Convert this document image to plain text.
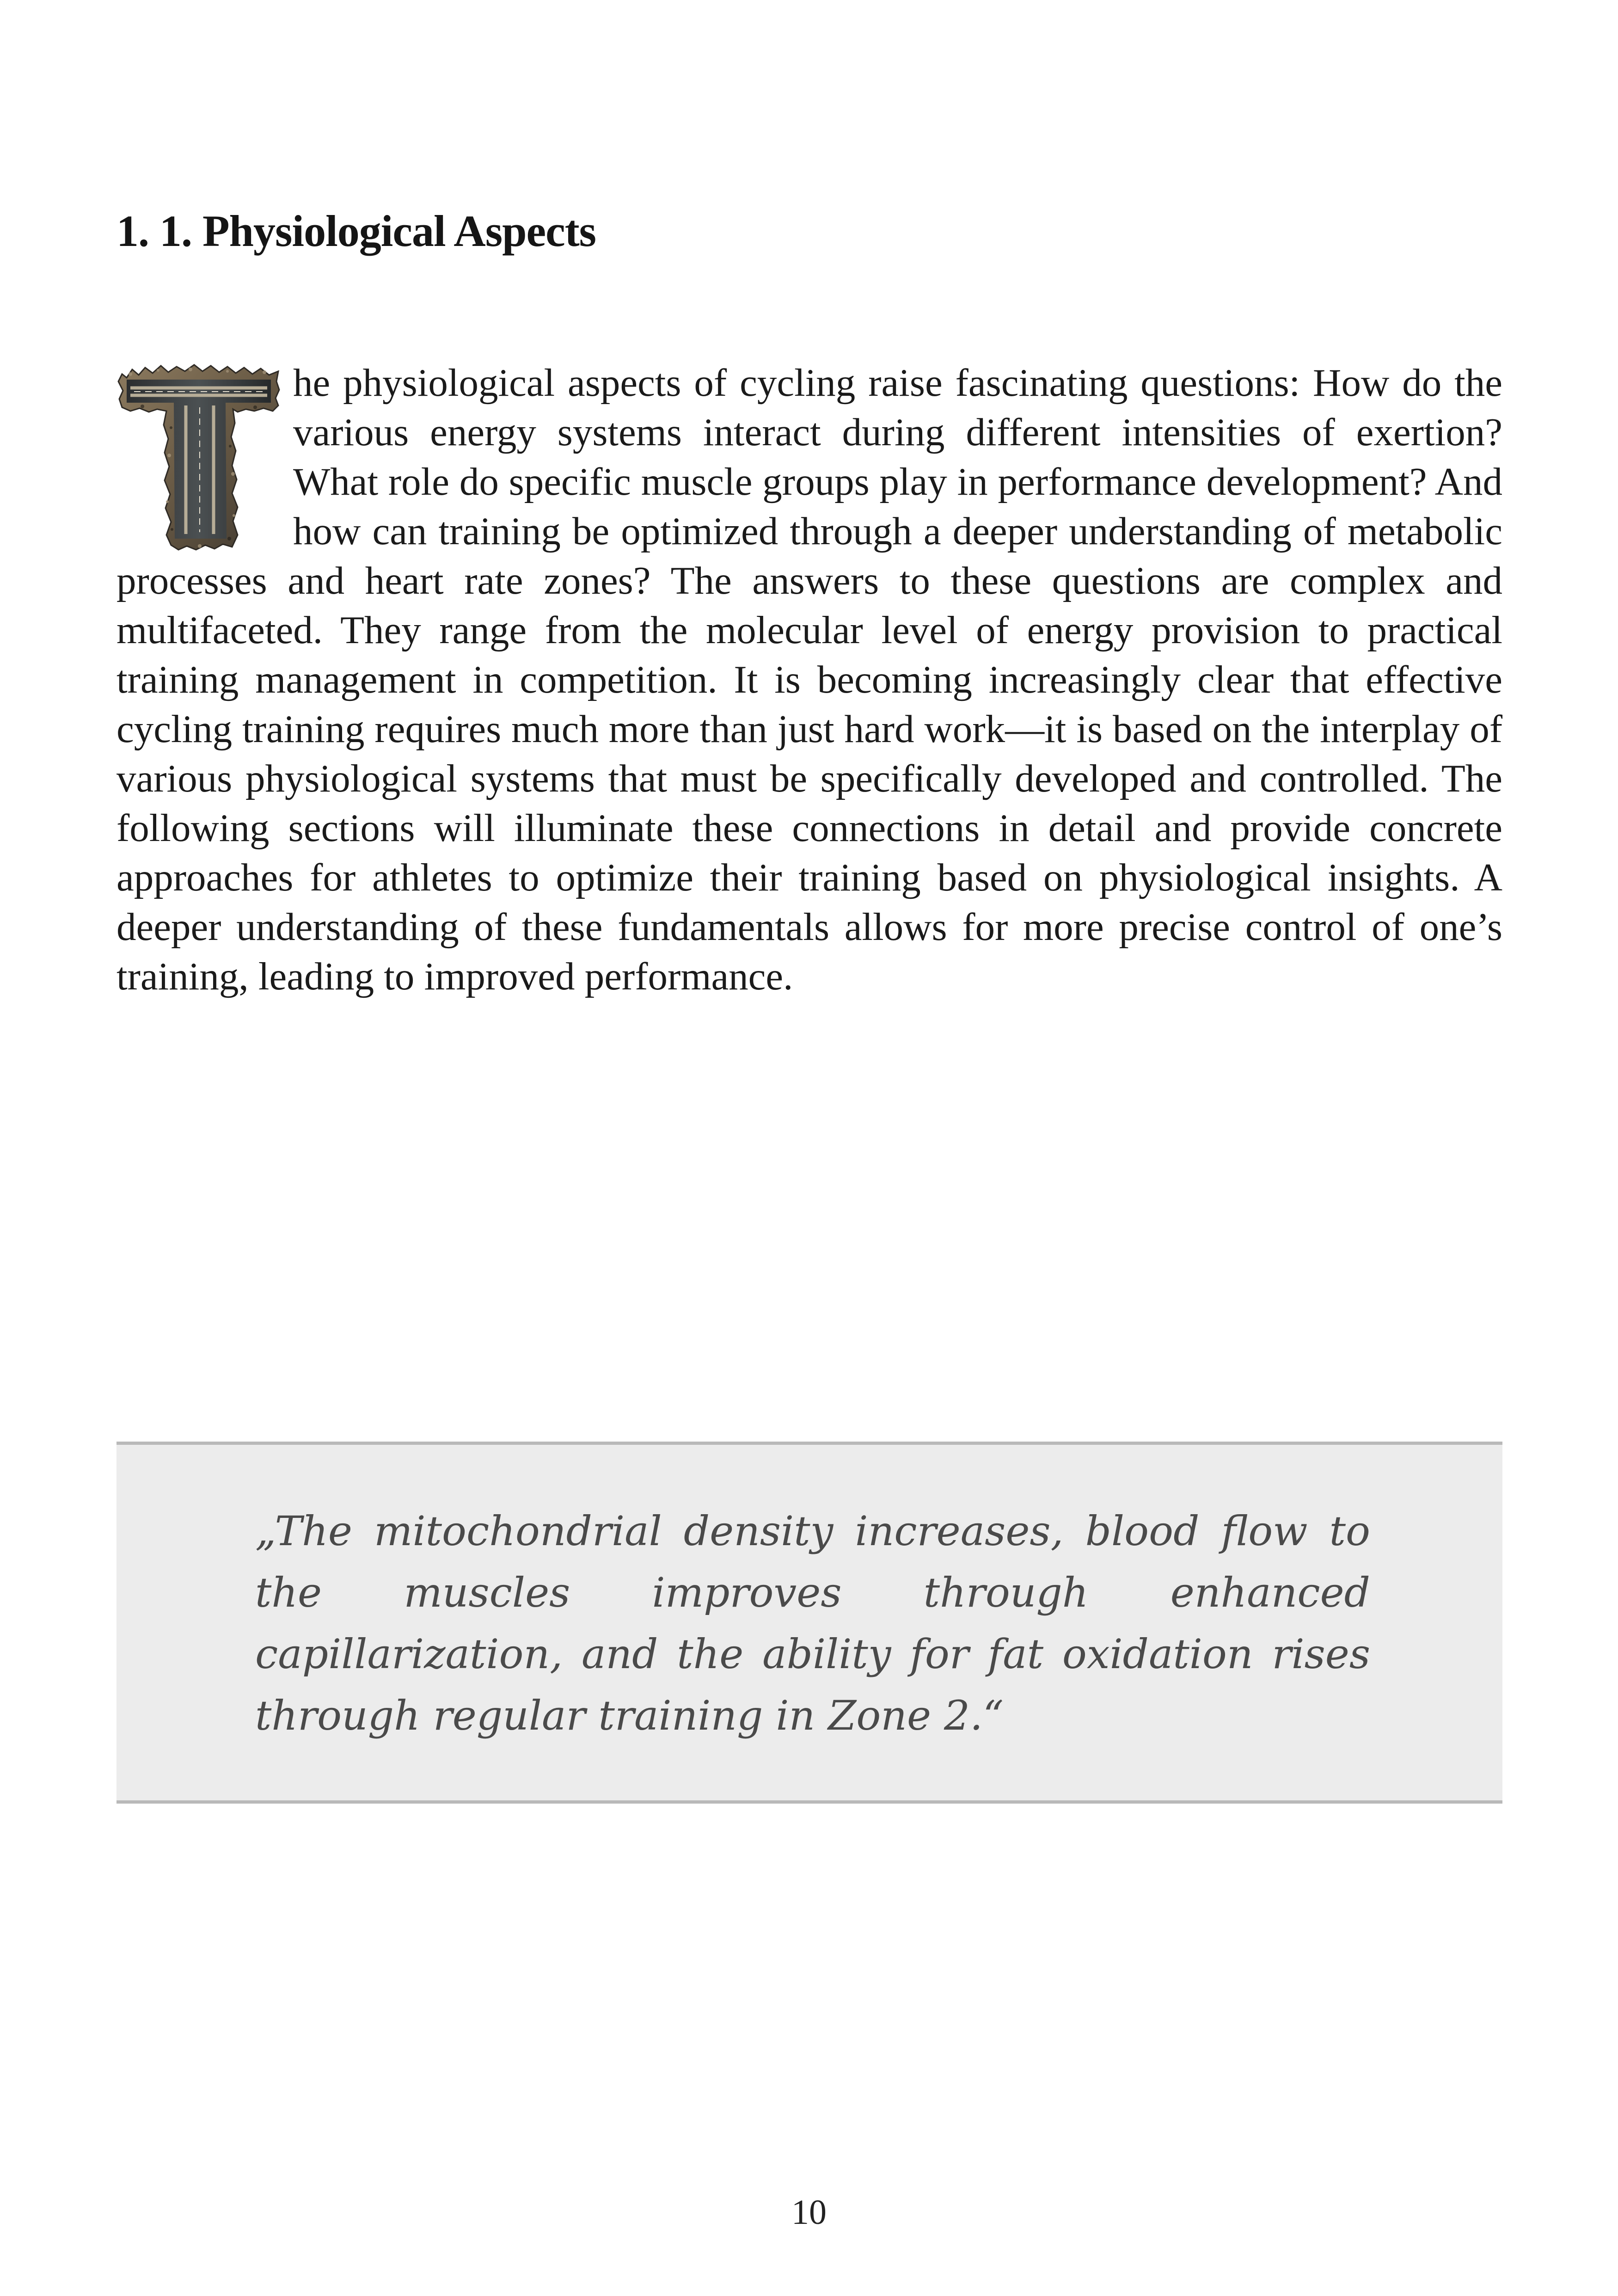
1. 1. Physiological Aspects
he physiological aspects of cycling raise fascinating questions: How do the various energy systems interact during different intensities of exertion? What role do specific muscle groups play in performance development? And how can training be optimized through a deeper understanding of metabolic processes and heart rate zones? The answers to these questions are complex and multifaceted. They range from the molecular level of energy provision to practical training management in competition. It is becoming increasingly clear that effective cycling training requires much more than just hard work—it is based on the interplay of various physiological systems that must be specifically developed and controlled. The following sections will illuminate these connections in detail and provide concrete approaches for athletes to optimize their training based on physiological insights. A deeper understanding of these fundamentals allows for more precise control of one’s training, leading to improved performance.

„The mitochondrial density increases, blood flow to the muscles improves through enhanced capillarization, and the ability for fat oxidation rises through regular training in Zone 2.“

10
